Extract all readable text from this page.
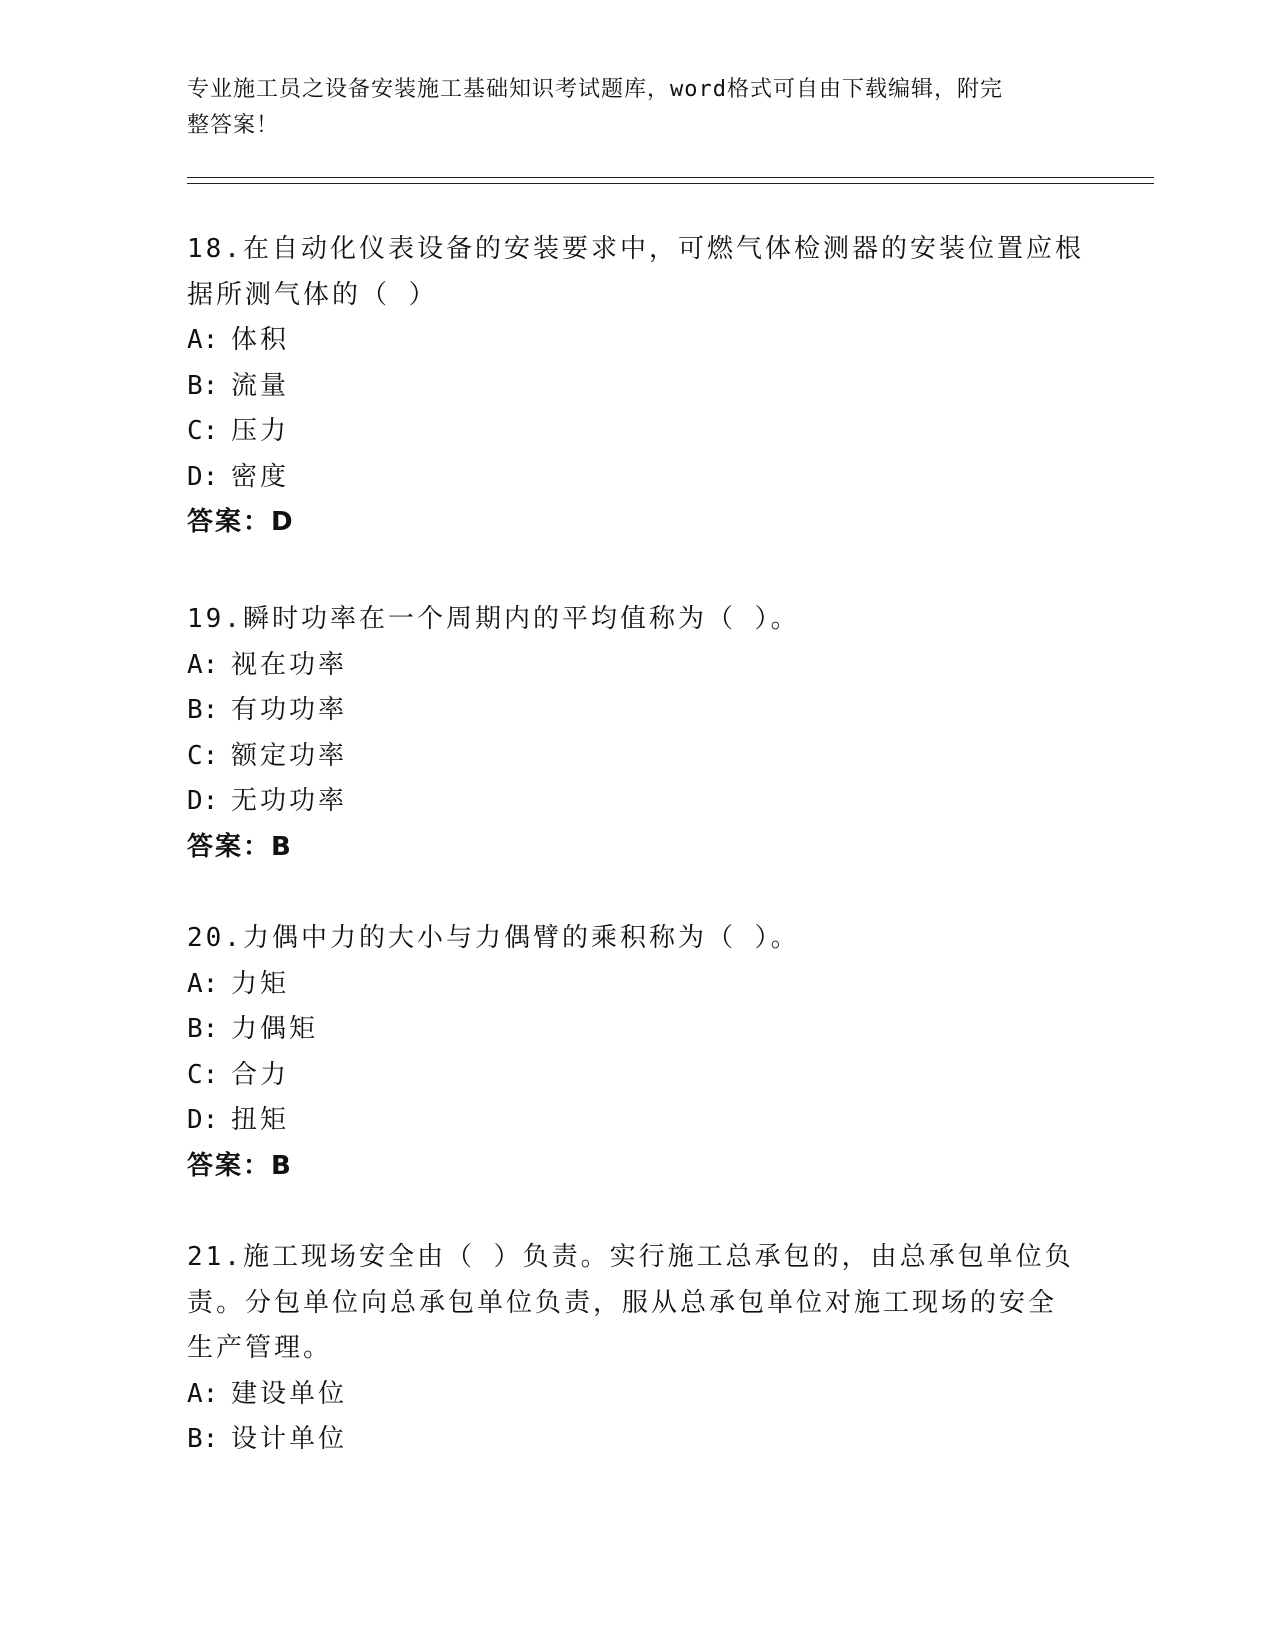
专业施工员之设备安装施工基础知识考试题库，word格式可自由下载编辑，附完
整答案！
18.在自动化仪表设备的安装要求中，可燃气体检测器的安装位置应根
据所测气体的（ ）
A: 体积
B: 流量
C: 压力
D: 密度
答案：D
19.瞬时功率在一个周期内的平均值称为（ ）。
A: 视在功率
B: 有功功率
C: 额定功率
D: 无功功率
答案：B
20.力偶中力的大小与力偶臂的乘积称为（ ）。
A: 力矩
B: 力偶矩
C: 合力
D: 扭矩
答案：B
21.施工现场安全由（ ）负责。实行施工总承包的，由总承包单位负
责。分包单位向总承包单位负责，服从总承包单位对施工现场的安全
生产管理。
A: 建设单位
B: 设计单位
